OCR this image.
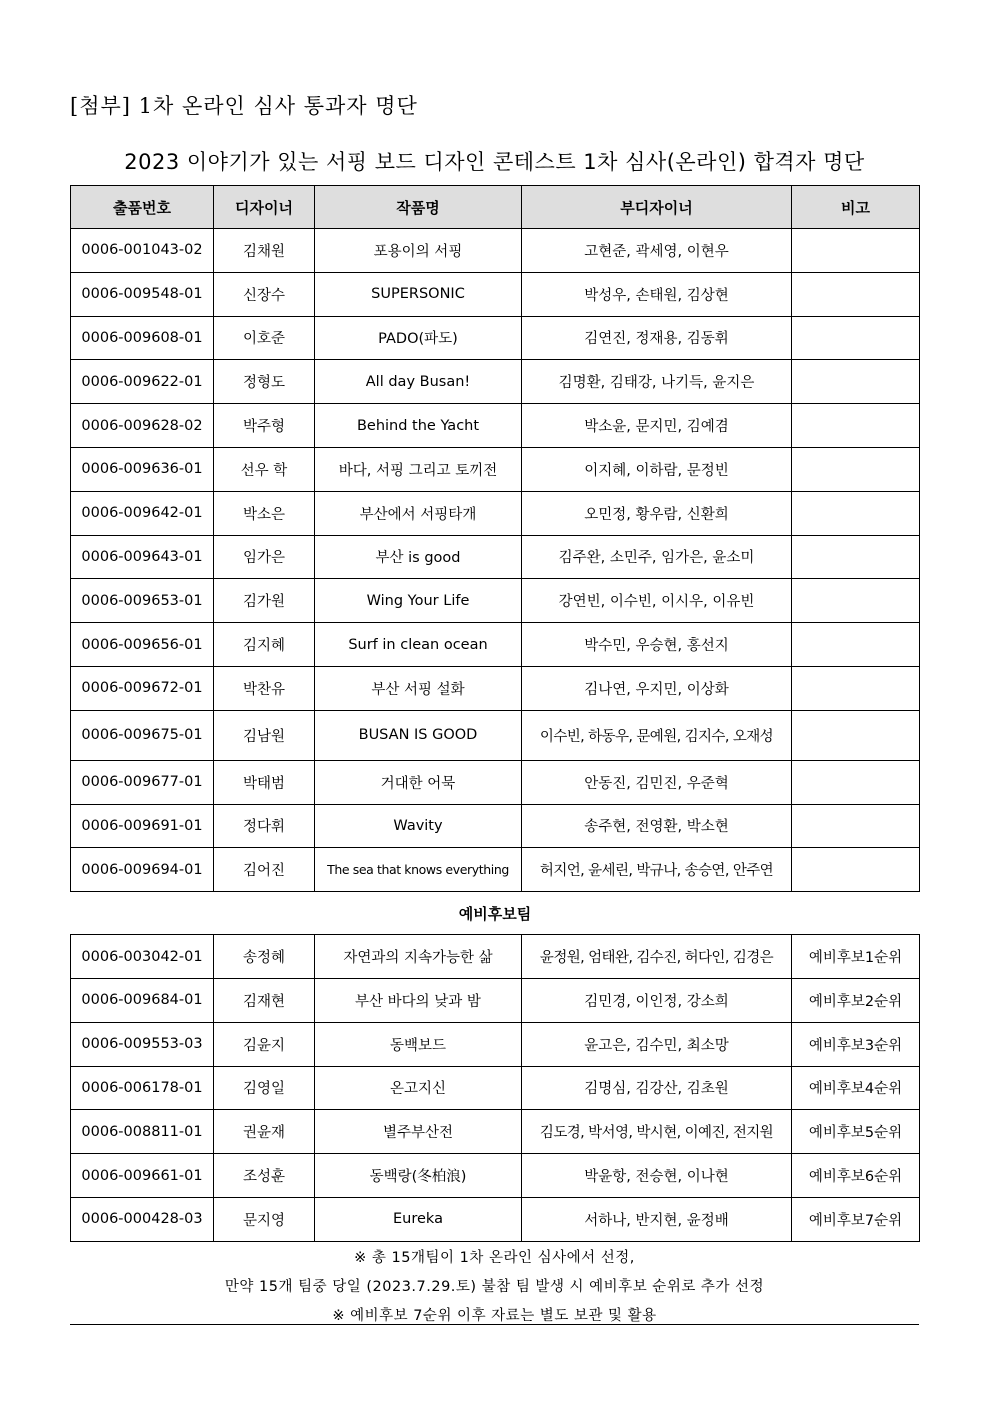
[첨부] 1차 온라인 심사 통과자 명단
2023 이야기가 있는 서핑 보드 디자인 콘테스트 1차 심사(온라인) 합격자 명단
출품번호	디자이너	작품명	부디자이너	비고
0006-001043-02	김채원	포용이의 서핑	고현준, 곽세영, 이현우	
0006-009548-01	신장수	SUPERSONIC	박성우, 손태원, 김상현	
0006-009608-01	이호준	PADO(파도)	김연진, 정재용, 김동휘	
0006-009622-01	정형도	All day Busan!	김명환, 김태강, 나기득, 윤지은	
0006-009628-02	박주형	Behind the Yacht	박소윤, 문지민, 김예겸	
0006-009636-01	선우 학	바다, 서핑 그리고 토끼전	이지혜, 이하람, 문정빈	
0006-009642-01	박소은	부산에서 서핑타개	오민정, 황우람, 신환희	
0006-009643-01	임가은	부산 is good	김주완, 소민주, 임가은, 윤소미	
0006-009653-01	김가원	Wing Your Life	강연빈, 이수빈, 이시우, 이유빈	
0006-009656-01	김지혜	Surf in clean ocean	박수민, 우승현, 홍선지	
0006-009672-01	박찬유	부산 서핑 설화	김나연, 우지민, 이상화	
0006-009675-01	김남원	BUSAN IS GOOD	이수빈, 하동우, 문예원, 김지수, 오재성	
0006-009677-01	박태범	거대한 어묵	안동진, 김민진, 우준혁	
0006-009691-01	정다휘	Wavity	송주현, 전영환, 박소현	
0006-009694-01	김어진	The sea that knows everything	허지언, 윤세린, 박규나, 송승연, 안주연	
예비후보팀				
0006-003042-01	송정혜	자연과의 지속가능한 삶	윤정원, 엄태완, 김수진, 허다인, 김경은	예비후보1순위
0006-009684-01	김재현	부산 바다의 낮과 밤	김민경, 이인정, 강소희	예비후보2순위
0006-009553-03	김윤지	동백보드	윤고은, 김수민, 최소망	예비후보3순위
0006-006178-01	김영일	온고지신	김명심, 김강산, 김초원	예비후보4순위
0006-008811-01	권윤재	별주부산전	김도경, 박서영, 박시현, 이예진, 전지원	예비후보5순위
0006-009661-01	조성훈	동백랑(冬柏浪)	박윤항, 전승현, 이나현	예비후보6순위
0006-000428-03	문지영	Eureka	서하나, 반지현, 윤정배	예비후보7순위
※ 총 15개팀이 1차 온라인 심사에서 선정,
만약 15개 팀중 당일 (2023.7.29.토) 불참 팀 발생 시 예비후보 순위로 추가 선정
※ 예비후보 7순위 이후 자료는 별도 보관 및 활용
